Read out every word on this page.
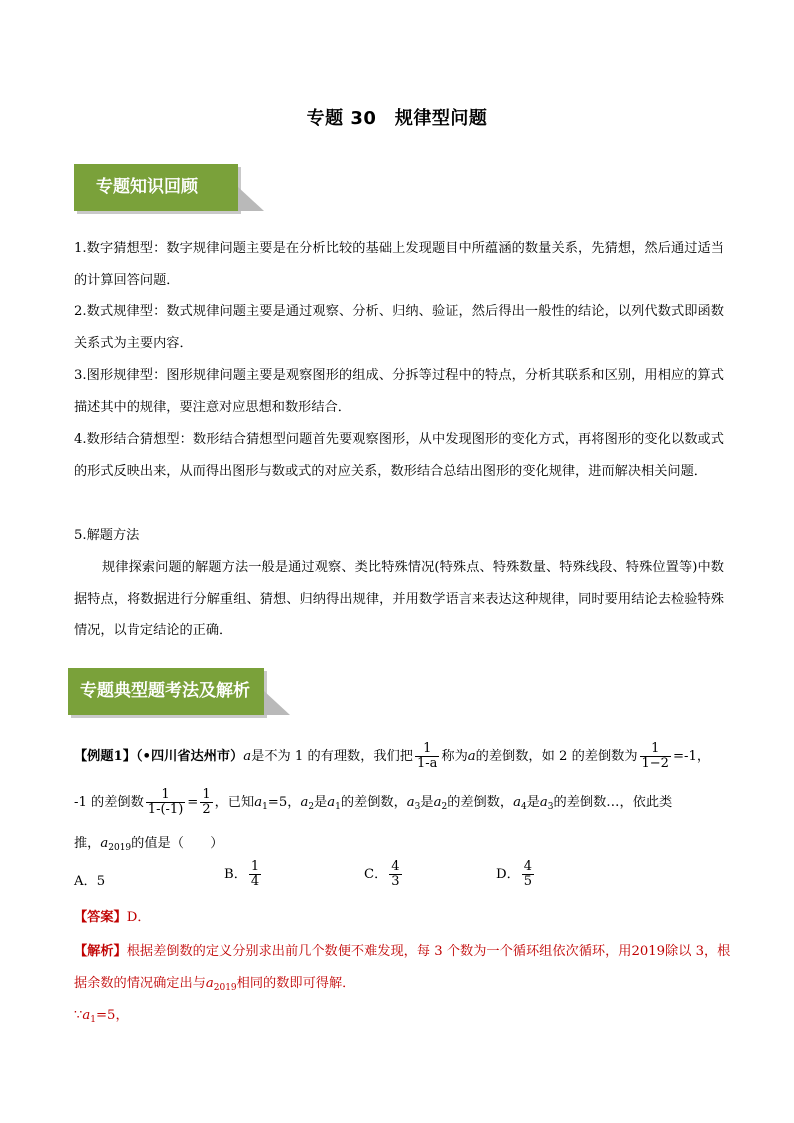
专题 30　规律型问题
专题知识回顾
1.数字猜想型：数字规律问题主要是在分析比较的基础上发现题目中所蕴涵的数量关系，先猜想，然后通过适当的计算回答问题．
2.数式规律型：数式规律问题主要是通过观察、分析、归纳、验证，然后得出一般性的结论，以列代数式即函数关系式为主要内容．
3.图形规律型：图形规律问题主要是观察图形的组成、分拆等过程中的特点，分析其联系和区别，用相应的算式描述其中的规律，要注意对应思想和数形结合．
4.数形结合猜想型：数形结合猜想型问题首先要观察图形，从中发现图形的变化方式，再将图形的变化以数或式的形式反映出来，从而得出图形与数或式的对应关系，数形结合总结出图形的变化规律，进而解决相关问题．
5.解题方法
规律探索问题的解题方法一般是通过观察、类比特殊情况(特殊点、特殊数量、特殊线段、特殊位置等)中数据特点，将数据进行分解重组、猜想、归纳得出规律，并用数学语言来表达这种规律，同时要用结论去检验特殊情况，以肯定结论的正确．
专题典型题考法及解析
【例题1】（•四川省达州市）a是不为 1 的有理数，我们把 $\frac{1}{1-a}$ 称为a的差倒数，如 2 的差倒数为 $\frac{1}{1-2} =-1$，
-1 的差倒数 $\frac{1}{1-(-1)} = \frac{1}{2}$ ，已知$a_1=5$，$a_2$是$a_1$的差倒数，$a_3$是$a_2$的差倒数，$a_4$是$a_3$的差倒数…，依此类
推，$a_{2019}$的值是（　　）
A．5	B． $\frac{1}{4}$	C． $\frac{4}{3}$	D． $\frac{4}{5}$
【答案】D．
【解析】根据差倒数的定义分别求出前几个数便不难发现，每 3 个数为一个循环组依次循环，用2019除以 3，根
据余数的情况确定出与$a_{2019}$相同的数即可得解．
$\because a_1=5$，
